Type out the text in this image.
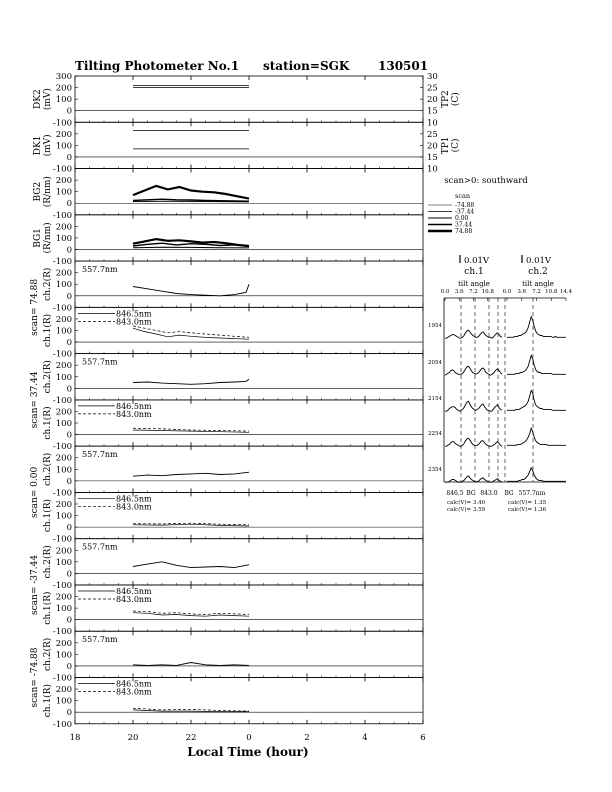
Tilting Photometer No.1 station=SGK 130501
-100
0
100
200
300
-100
0
100
200
-100
0
100
200
-100
0
100
200
-100
0
100
200
-100
0
100
200
-100
0
100
200
-100
0
100
200
-100
0
100
200
-100
0
100
200
-100
0
100
200
-100
0
100
200
-100
0
100
200
-100
0
100
200
DK2 (mV)
DK1 (mV)
BG2 (R/nm)
BG1 (R/nm)
scan= 74.88 ch.2(R)
ch.1(R)
557.7nm
846.5nm
843.0nm
scan= 37.44 ch.2(R)
ch.1(R)
557.7nm
846.5nm
843.0nm
scan= 0.00 ch.2(R)
ch.1(R)
557.7nm
846.5nm
843.0nm
scan= -37.44 ch.2(R)
ch.1(R)
557.7nm
846.5nm
843.0nm
scan= -74.88 ch.2(R)
ch.1(R)
557.7nm
846.5nm
843.0nm
10
15
20
25
30
10
15
20
25
TP2 (C)
TP1 (C)
18	20	22	0	2	4	6
scan>0: southward
scan
-74.88
-37.44
0.00
37.44
74.88
0.01V	0.01V
ch.1	ch.2
tilt angle	tilt angle
0.0 3.6 7.2 10.8 0.0 3.6 7.2 10.8 14.4
1954
2054
2154
2254
2354
846.5 BG 843.0 BG 557.7nm
calc(V)= 3.40
calc(V)= 3.59
calc(V)= 1.35
calc(V)= 1.36
Local Time (hour)
